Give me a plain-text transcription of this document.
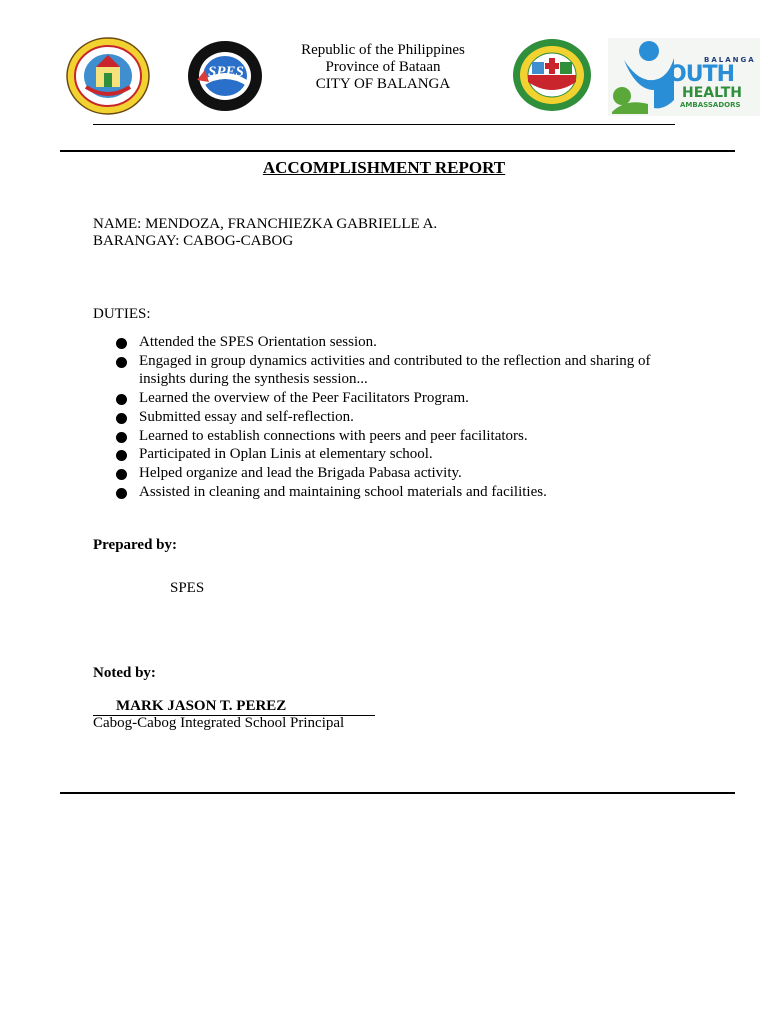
SPES
Republic of the Philippines
Province of Bataan
CITY OF BALANGA
BALANGA
OUTH
HEALTH
AMBASSADORS
ACCOMPLISHMENT REPORT
NAME: MENDOZA, FRANCHIEZKA GABRIELLE A.
BARANGAY: CABOG-CABOG
DUTIES:
Attended the SPES Orientation session.
Engaged in group dynamics activities and contributed to the reflection and sharing of insights during the synthesis session...
Learned the overview of the Peer Facilitators Program.
Submitted essay and self-reflection.
Learned to establish connections with peers and peer facilitators.
Participated in Oplan Linis at elementary school.
Helped organize and lead the Brigada Pabasa activity.
Assisted in cleaning and maintaining school materials and facilities.
Prepared by:
SPES
Noted by:
MARK JASON T. PEREZ
Cabog-Cabog Integrated School Principal
